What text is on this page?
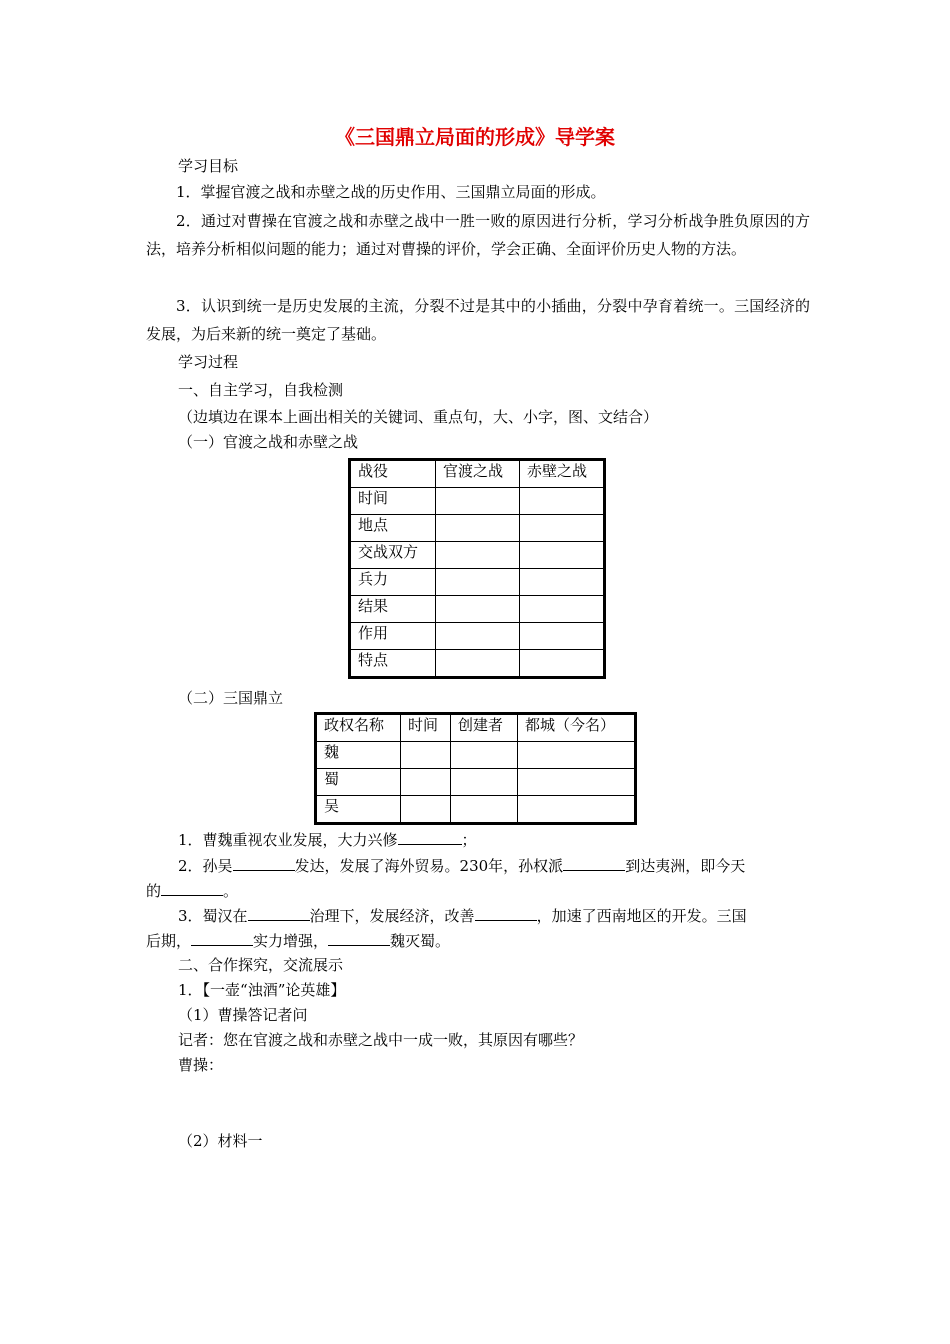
《三国鼎立局面的形成》导学案
学习目标
1．掌握官渡之战和赤壁之战的历史作用、三国鼎立局面的形成。
2．通过对曹操在官渡之战和赤壁之战中一胜一败的原因进行分析，学习分析战争胜负原因的方法，培养分析相似问题的能力；通过对曹操的评价，学会正确、全面评价历史人物的方法。
3．认识到统一是历史发展的主流，分裂不过是其中的小插曲，分裂中孕育着统一。三国经济的发展，为后来新的统一奠定了基础。
学习过程
一、自主学习，自我检测
（边填边在课本上画出相关的关键词、重点句，大、小字，图、文结合）
（一）官渡之战和赤壁之战
战役	官渡之战	赤壁之战
时间		
地点		
交战双方		
兵力		
结果		
作用		
特点		
（二）三国鼎立
政权名称	时间	创建者	都城（今名）
魏			
蜀			
吴			
1．曹魏重视农业发展，大力兴修	；
2．孙吴	发达，发展了海外贸易。230年，孙权派	到达夷洲，即今天
的	。
3．蜀汉在	治理下，发展经济，改善	，加速了西南地区的开发。三国
后期，	实力增强，	魏灭蜀。
二、合作探究，交流展示
1．【一壶“浊酒”论英雄】
（1）曹操答记者问
记者：您在官渡之战和赤壁之战中一成一败，其原因有哪些？
曹操：
（2）材料一
